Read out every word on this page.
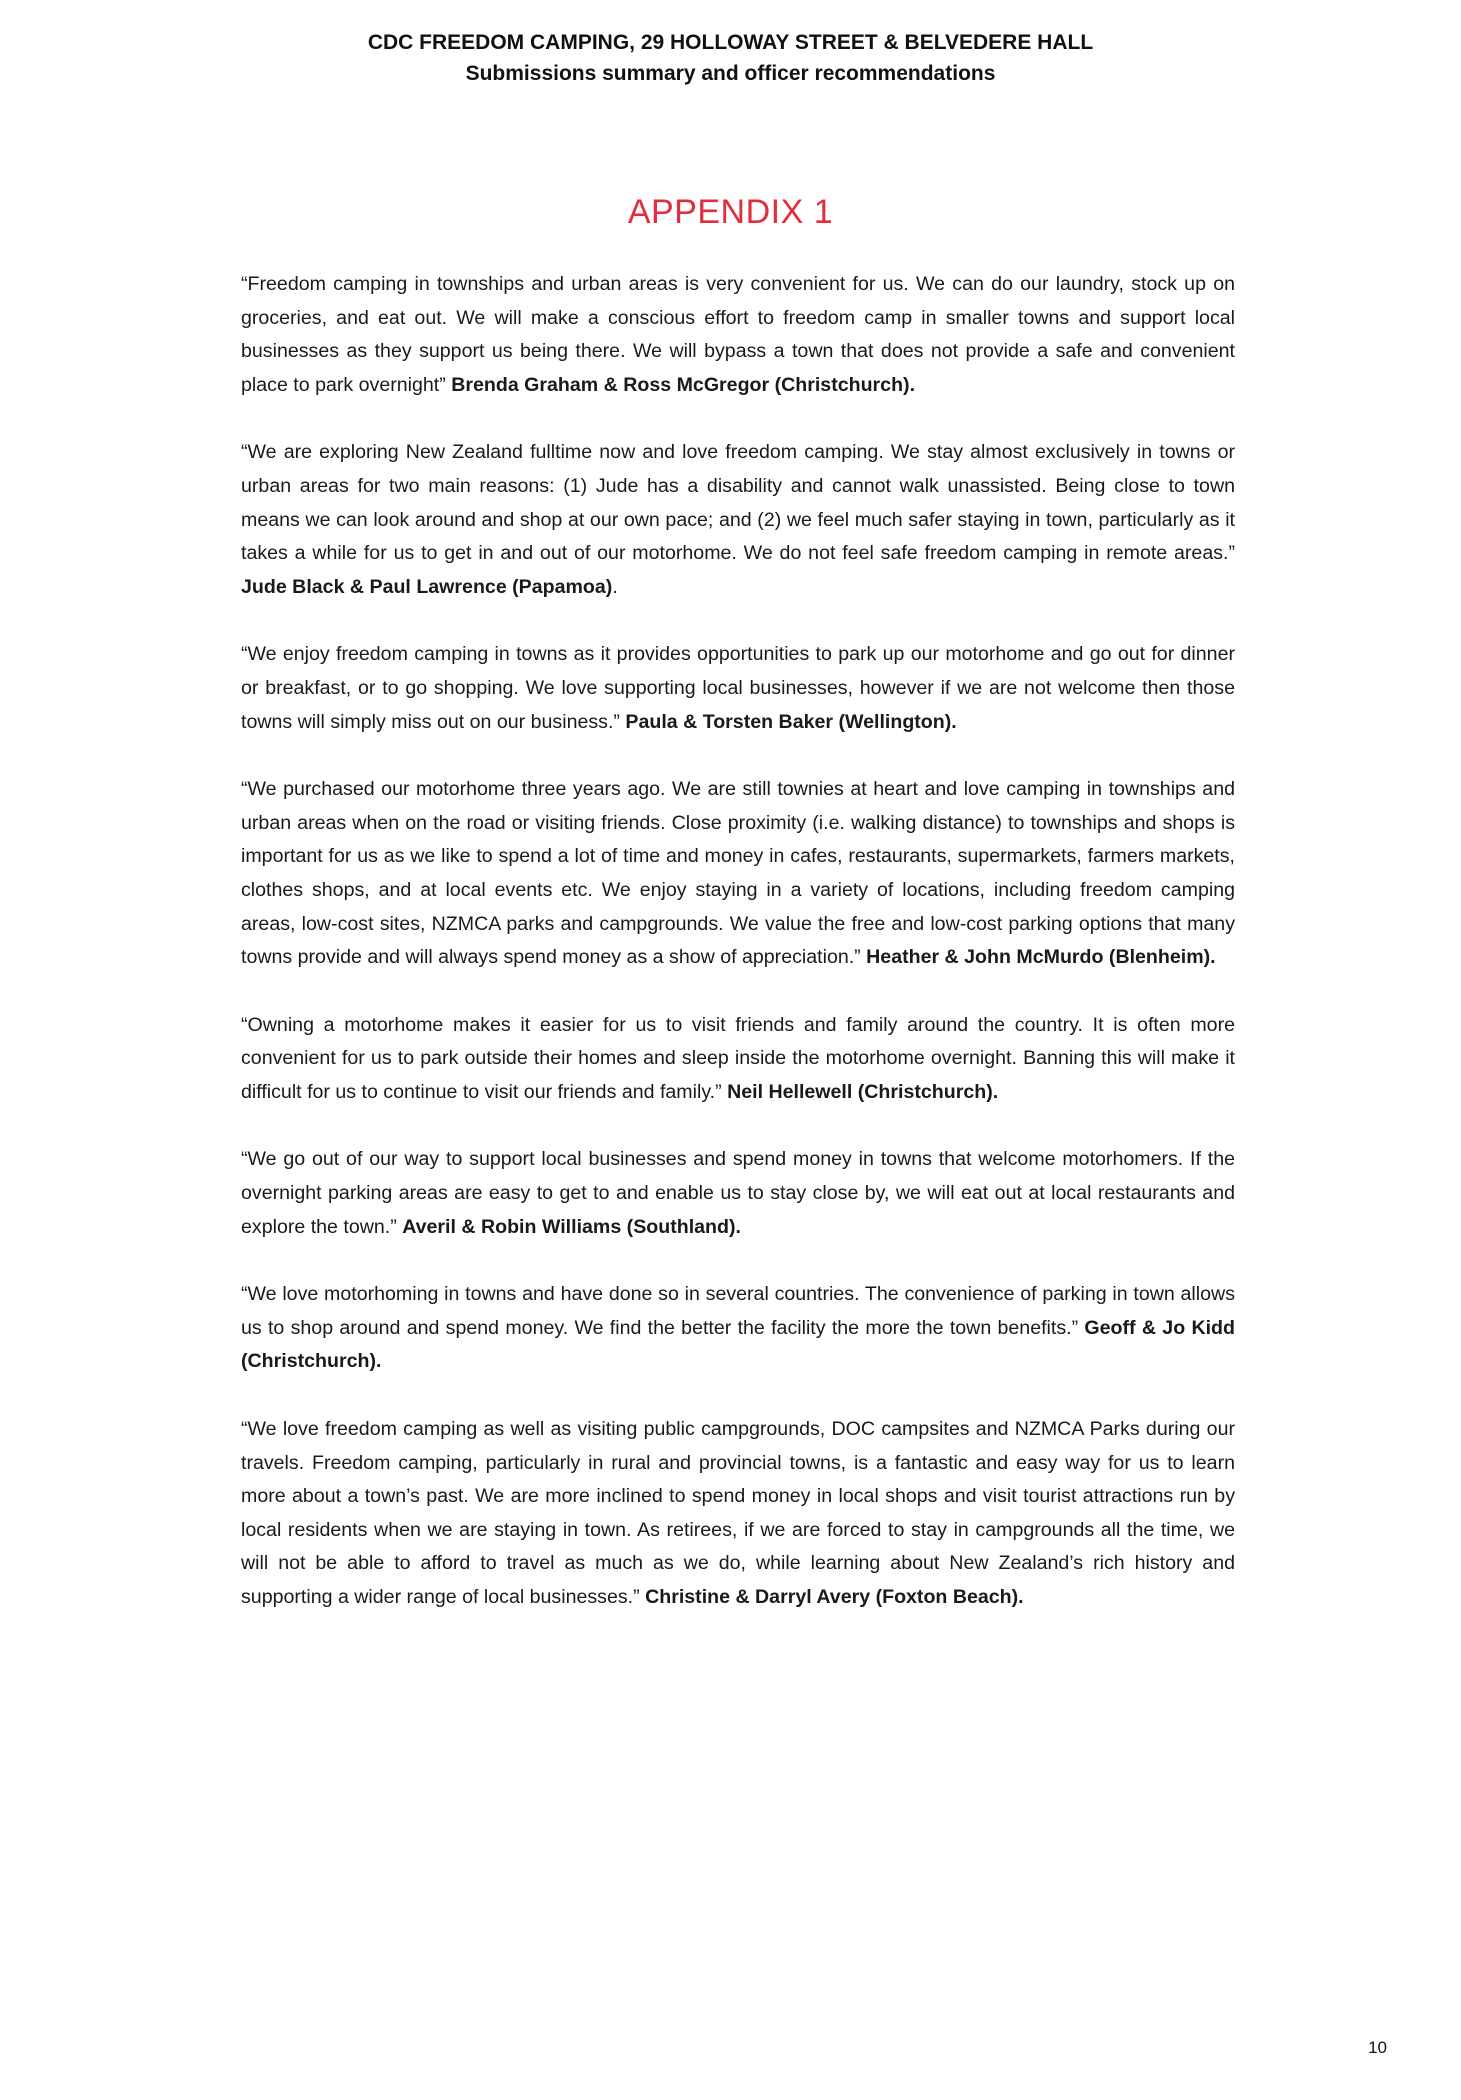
CDC FREEDOM CAMPING, 29 HOLLOWAY STREET & BELVEDERE HALL
Submissions summary and officer recommendations
APPENDIX 1

“Freedom camping in townships and urban areas is very convenient for us. We can do our laundry, stock up on groceries, and eat out. We will make a conscious effort to freedom camp in smaller towns and support local businesses as they support us being there. We will bypass a town that does not provide a safe and convenient place to park overnight” Brenda Graham & Ross McGregor (Christchurch).

“We are exploring New Zealand fulltime now and love freedom camping. We stay almost exclusively in towns or urban areas for two main reasons: (1) Jude has a disability and cannot walk unassisted. Being close to town means we can look around and shop at our own pace; and (2) we feel much safer staying in town, particularly as it takes a while for us to get in and out of our motorhome. We do not feel safe freedom camping in remote areas.” Jude Black & Paul Lawrence (Papamoa).

“We enjoy freedom camping in towns as it provides opportunities to park up our motorhome and go out for dinner or breakfast, or to go shopping. We love supporting local businesses, however if we are not welcome then those towns will simply miss out on our business.” Paula & Torsten Baker (Wellington).

“We purchased our motorhome three years ago. We are still townies at heart and love camping in townships and urban areas when on the road or visiting friends. Close proximity (i.e. walking distance) to townships and shops is important for us as we like to spend a lot of time and money in cafes, restaurants, supermarkets, farmers markets, clothes shops, and at local events etc. We enjoy staying in a variety of locations, including freedom camping areas, low-cost sites, NZMCA parks and campgrounds. We value the free and low-cost parking options that many towns provide and will always spend money as a show of appreciation.” Heather & John McMurdo (Blenheim).

“Owning a motorhome makes it easier for us to visit friends and family around the country. It is often more convenient for us to park outside their homes and sleep inside the motorhome overnight. Banning this will make it difficult for us to continue to visit our friends and family.” Neil Hellewell (Christchurch).

“We go out of our way to support local businesses and spend money in towns that welcome motorhomers. If the overnight parking areas are easy to get to and enable us to stay close by, we will eat out at local restaurants and explore the town.” Averil & Robin Williams (Southland).

“We love motorhoming in towns and have done so in several countries. The convenience of parking in town allows us to shop around and spend money. We find the better the facility the more the town benefits.” Geoff & Jo Kidd (Christchurch).

“We love freedom camping as well as visiting public campgrounds, DOC campsites and NZMCA Parks during our travels. Freedom camping, particularly in rural and provincial towns, is a fantastic and easy way for us to learn more about a town’s past. We are more inclined to spend money in local shops and visit tourist attractions run by local residents when we are staying in town. As retirees, if we are forced to stay in campgrounds all the time, we will not be able to afford to travel as much as we do, while learning about New Zealand’s rich history and supporting a wider range of local businesses.” Christine & Darryl Avery (Foxton Beach).

10
